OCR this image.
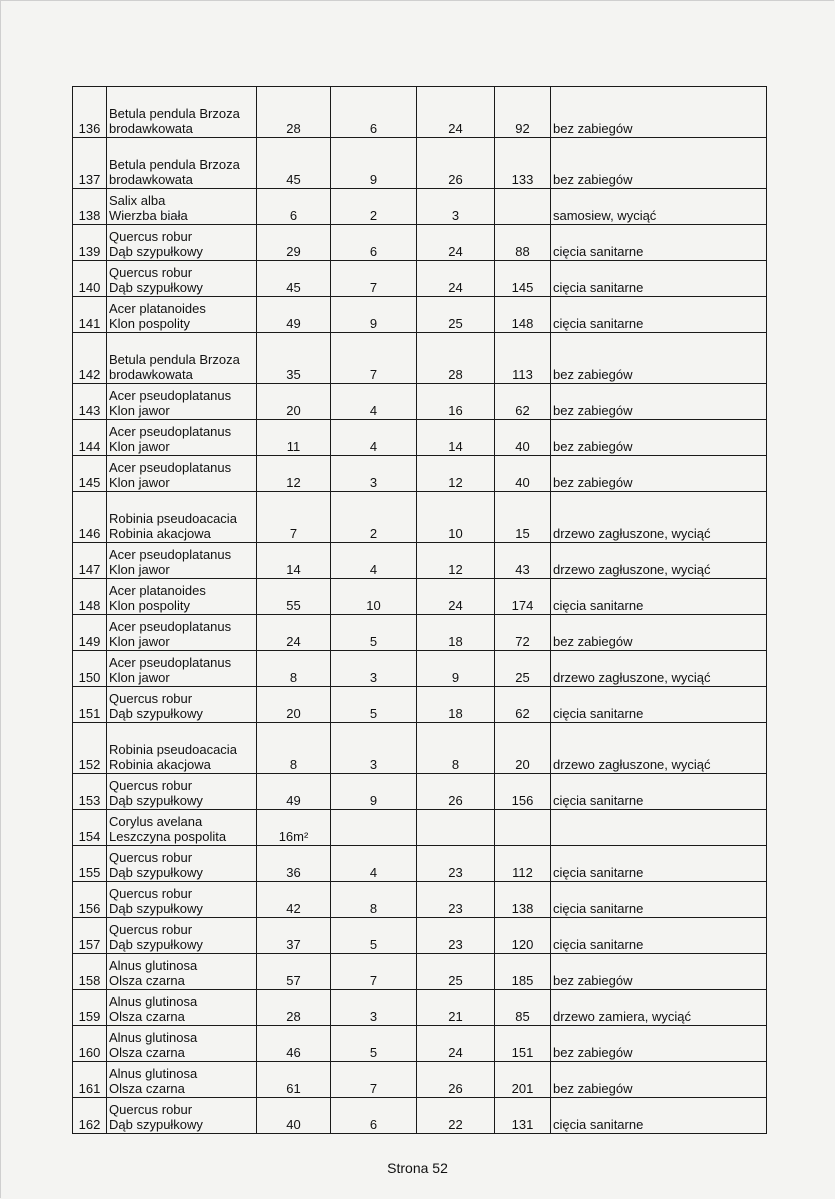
136	Betula pendula Brzoza
brodawkowata	28	6	24	92	bez zabiegów
137	Betula pendula Brzoza
brodawkowata	45	9	26	133	bez zabiegów
138	Salix alba
Wierzba biała	6	2	3		samosiew, wyciąć
139	Quercus robur
Dąb szypułkowy	29	6	24	88	cięcia sanitarne
140	Quercus robur
Dąb szypułkowy	45	7	24	145	cięcia sanitarne
141	Acer platanoides
Klon pospolity	49	9	25	148	cięcia sanitarne
142	Betula pendula Brzoza
brodawkowata	35	7	28	113	bez zabiegów
143	Acer pseudoplatanus
Klon jawor	20	4	16	62	bez zabiegów
144	Acer pseudoplatanus
Klon jawor	11	4	14	40	bez zabiegów
145	Acer pseudoplatanus
Klon jawor	12	3	12	40	bez zabiegów
146	Robinia pseudoacacia
Robinia akacjowa	7	2	10	15	drzewo zagłuszone, wyciąć
147	Acer pseudoplatanus
Klon jawor	14	4	12	43	drzewo zagłuszone, wyciąć
148	Acer platanoides
Klon pospolity	55	10	24	174	cięcia sanitarne
149	Acer pseudoplatanus
Klon jawor	24	5	18	72	bez zabiegów
150	Acer pseudoplatanus
Klon jawor	8	3	9	25	drzewo zagłuszone, wyciąć
151	Quercus robur
Dąb szypułkowy	20	5	18	62	cięcia sanitarne
152	Robinia pseudoacacia
Robinia akacjowa	8	3	8	20	drzewo zagłuszone, wyciąć
153	Quercus robur
Dąb szypułkowy	49	9	26	156	cięcia sanitarne
154	Corylus avelana
Leszczyna pospolita	16m²				
155	Quercus robur
Dąb szypułkowy	36	4	23	112	cięcia sanitarne
156	Quercus robur
Dąb szypułkowy	42	8	23	138	cięcia sanitarne
157	Quercus robur
Dąb szypułkowy	37	5	23	120	cięcia sanitarne
158	Alnus glutinosa
Olsza czarna	57	7	25	185	bez zabiegów
159	Alnus glutinosa
Olsza czarna	28	3	21	85	drzewo zamiera, wyciąć
160	Alnus glutinosa
Olsza czarna	46	5	24	151	bez zabiegów
161	Alnus glutinosa
Olsza czarna	61	7	26	201	bez zabiegów
162	Quercus robur
Dąb szypułkowy	40	6	22	131	cięcia sanitarne
Strona 52
